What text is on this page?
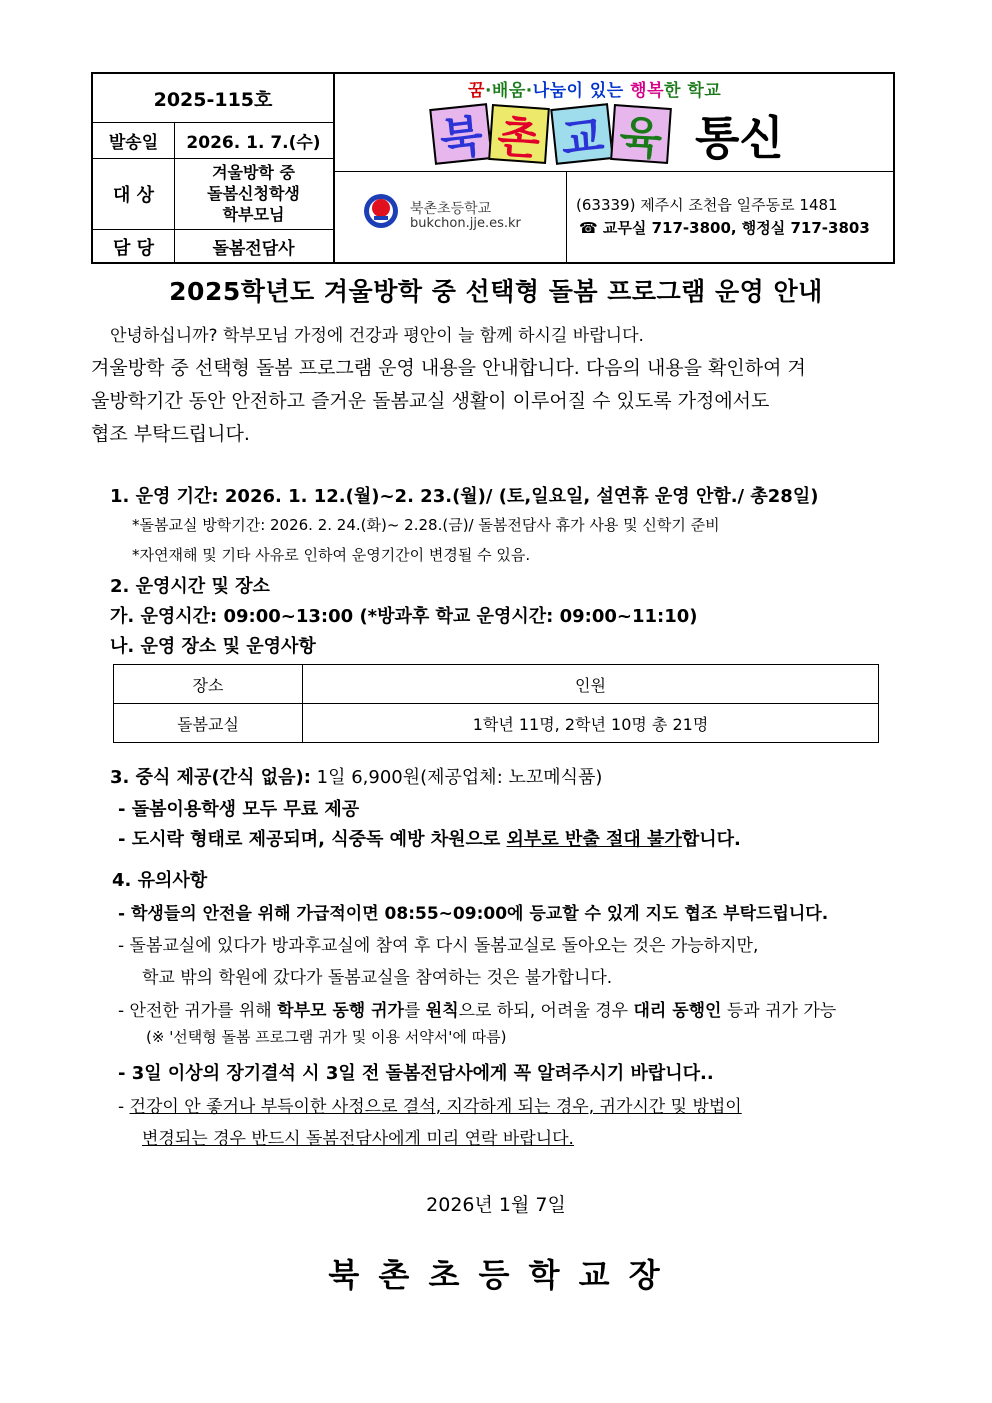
2025-115호
발송일	2026. 1. 7.(수)
대 상
겨울방학 중
돌봄신청학생
학부모님
담 당	돌봄전담사
꿈·배움·나눔이 있는 행복한 학교
북 촌 교 육 통신
북촌초등학교
bukchon.jje.es.kr
(63339) 제주시 조천읍 일주동로 1481
☎ 교무실 717-3800, 행정실 717-3803
2025학년도 겨울방학 중 선택형 돌봄 프로그램 운영 안내
안녕하십니까? 학부모님 가정에 건강과 평안이 늘 함께 하시길 바랍니다.
겨울방학 중 선택형 돌봄 프로그램 운영 내용을 안내합니다. 다음의 내용을 확인하여 겨
울방학기간 동안 안전하고 즐거운 돌봄교실 생활이 이루어질 수 있도록 가정에서도
협조 부탁드립니다.
1. 운영 기간: 2026. 1. 12.(월)~2. 23.(월)/ (토,일요일, 설연휴 운영 안함./ 총28일)
*돌봄교실 방학기간: 2026. 2. 24.(화)~ 2.28.(금)/ 돌봄전담사 휴가 사용 및 신학기 준비
*자연재해 및 기타 사유로 인하여 운영기간이 변경될 수 있음.
2. 운영시간 및 장소
가. 운영시간: 09:00~13:00 (*방과후 학교 운영시간: 09:00~11:10)
나. 운영 장소 및 운영사항
장소	인원
돌봄교실	1학년 11명, 2학년 10명 총 21명
3. 중식 제공(간식 없음): 1일 6,900원(제공업체: 노꼬메식품)
- 돌봄이용학생 모두 무료 제공
- 도시락 형태로 제공되며, 식중독 예방 차원으로 외부로 반출 절대 불가합니다.
4. 유의사항
- 학생들의 안전을 위해 가급적이면 08:55~09:00에 등교할 수 있게 지도 협조 부탁드립니다.
- 돌봄교실에 있다가 방과후교실에 참여 후 다시 돌봄교실로 돌아오는 것은 가능하지만,
학교 밖의 학원에 갔다가 돌봄교실을 참여하는 것은 불가합니다.
- 안전한 귀가를 위해 학부모 동행 귀가를 원칙으로 하되, 어려울 경우 대리 동행인 등과 귀가 가능
(※ '선택형 돌봄 프로그램 귀가 및 이용 서약서'에 따름)
- 3일 이상의 장기결석 시 3일 전 돌봄전담사에게 꼭 알려주시기 바랍니다..
- 건강이 안 좋거나 부득이한 사정으로 결석, 지각하게 되는 경우, 귀가시간 및 방법이
변경되는 경우 반드시 돌봄전담사에게 미리 연락 바랍니다.
2026년 1월 7일
북 촌 초 등 학 교 장
